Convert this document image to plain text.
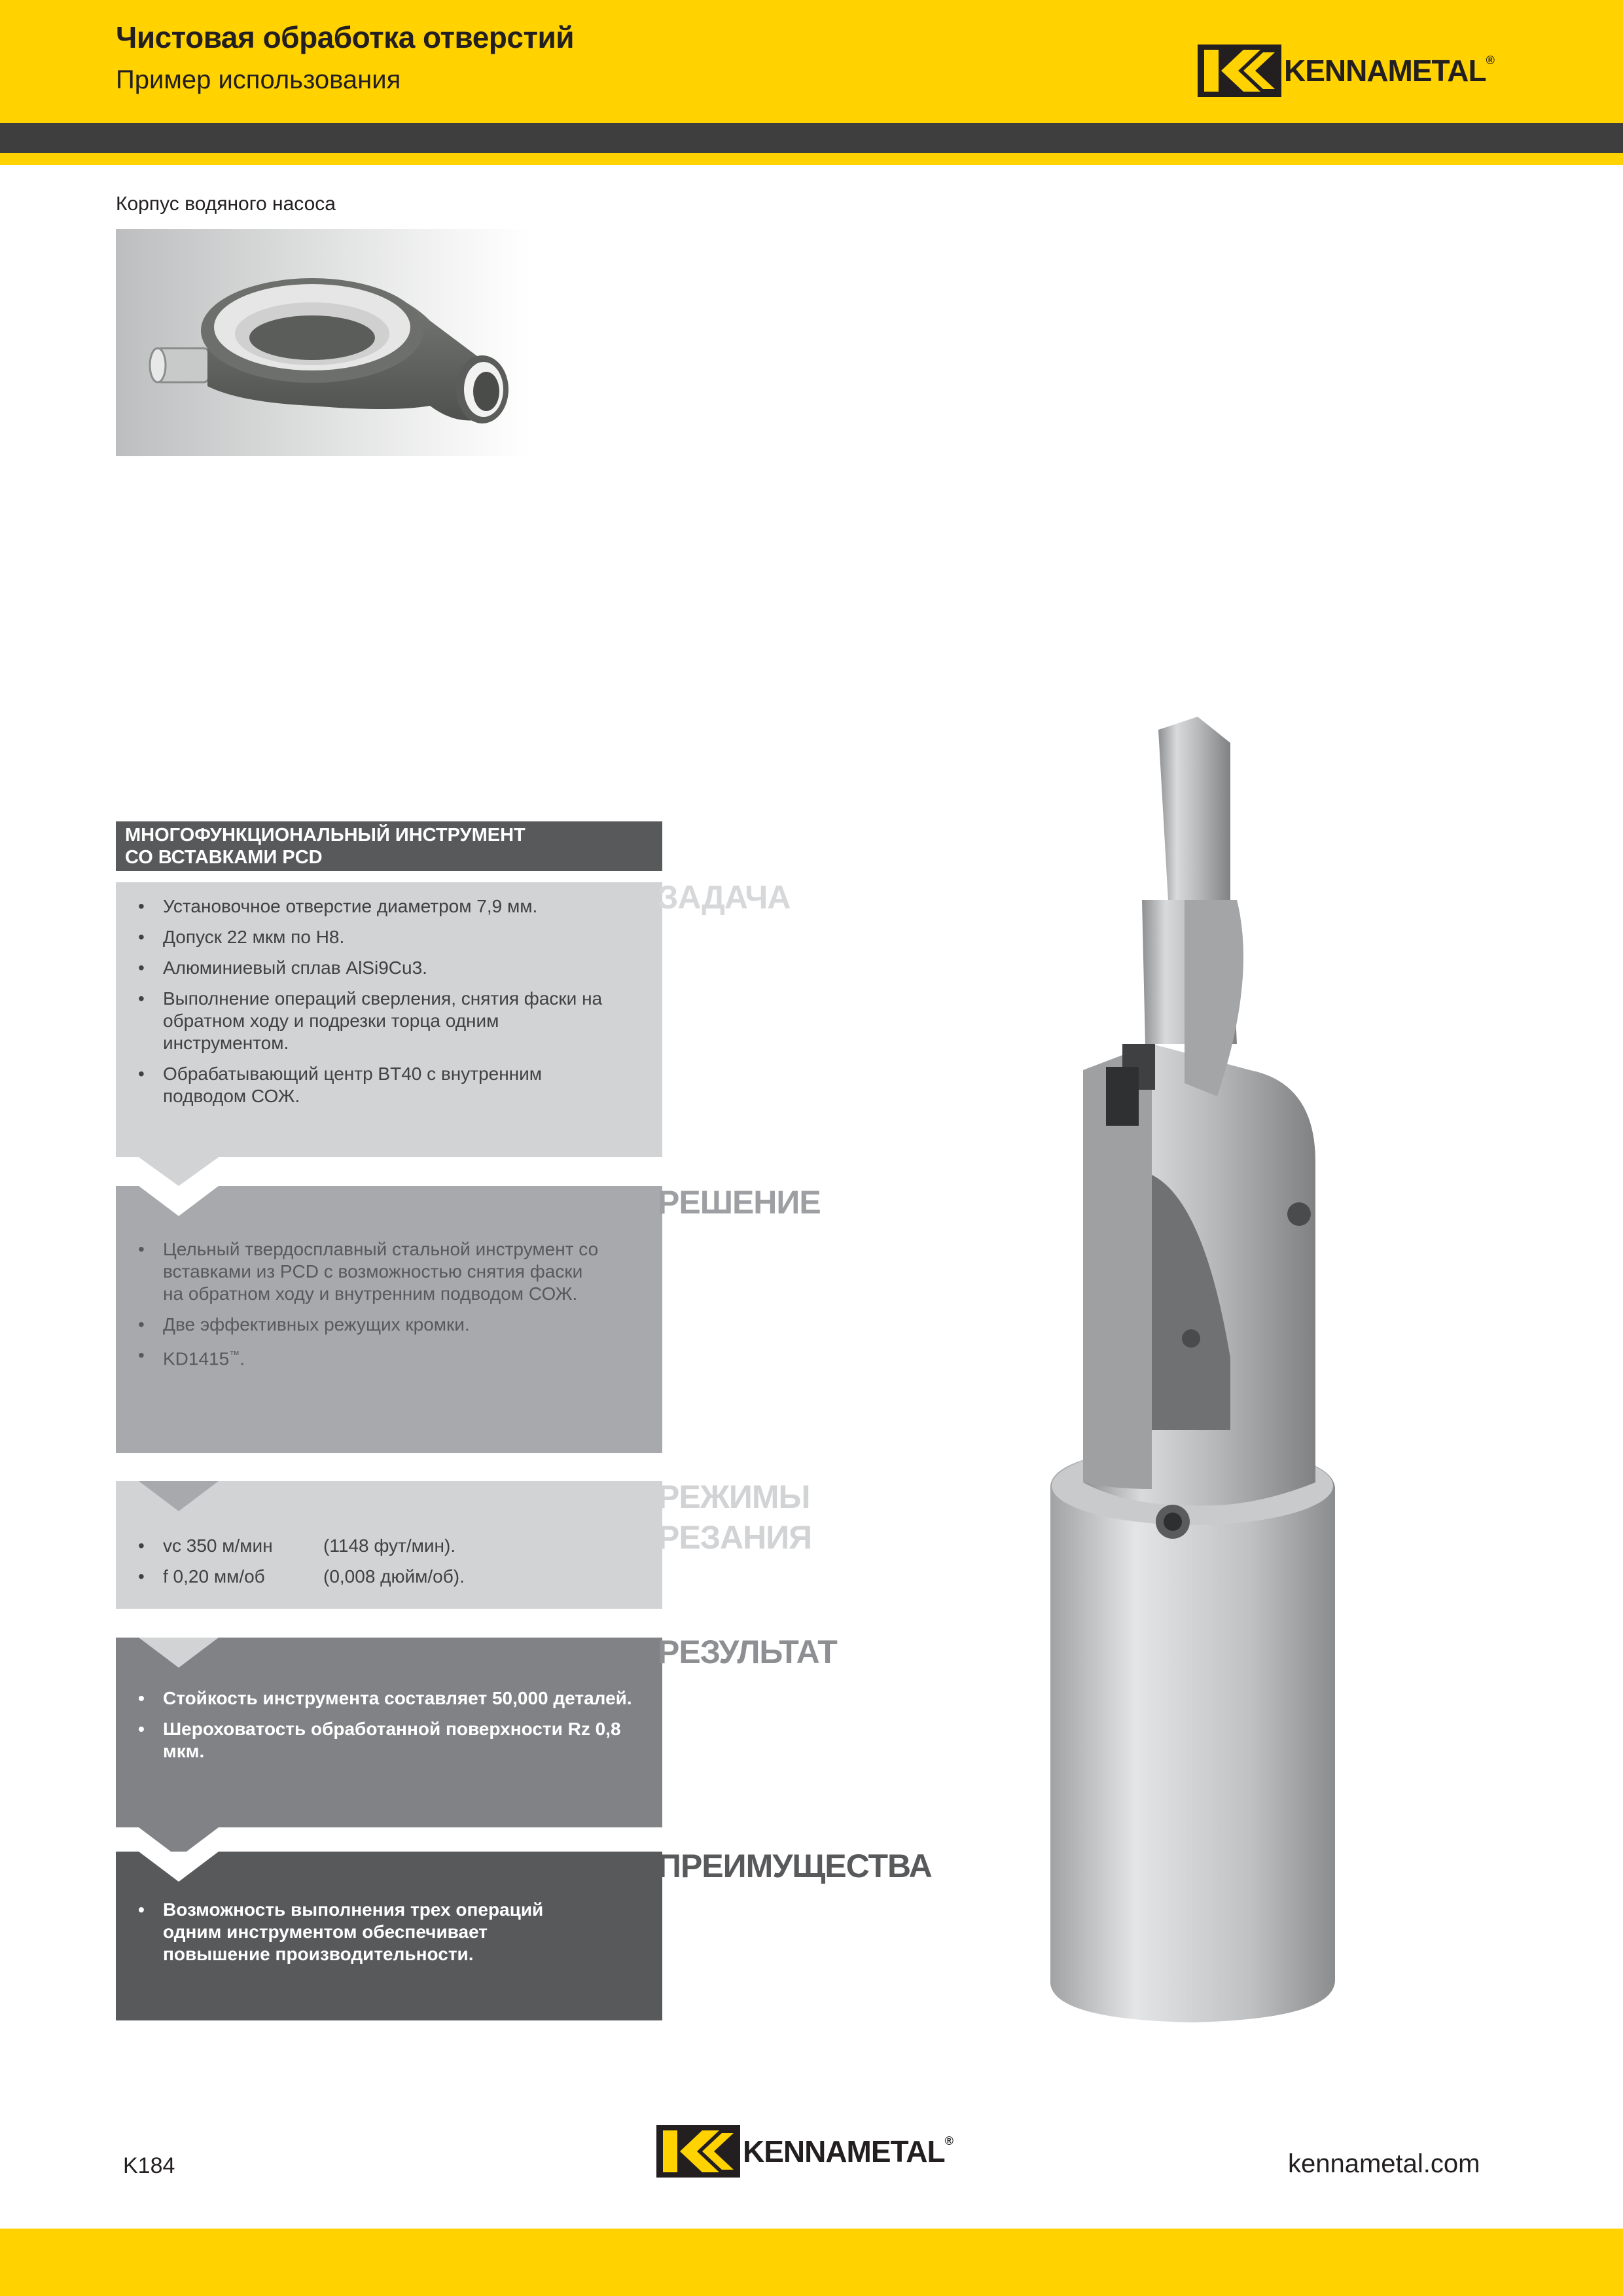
Чистовая обработка отверстий
Пример использования	KENNAMETAL ®
Корпус водяного насоса
МНОГОФУНКЦИОНАЛЬНЫЙ ИНСТРУМЕНТ
СО ВСТАВКАМИ PCD
• Установочное отверстие диаметром 7,9 мм.
• Допуск 22 мкм по H8.
• Алюминиевый сплав AlSi9Cu3.
• Выполнение операций сверления, снятия фаски на обратном ходу и подрезки торца одним инструментом.
• Обрабатывающий центр BT40 с внутренним подводом СОЖ.
ЗАДАЧА
• Цельный твердосплавный стальной инструмент со вставками из PCD с возможностью снятия фаски на обратном ходу и внутренним подводом СОЖ.
• Две эффективных режущих кромки.
• KD1415™.
РЕШЕНИЕ
• vc 350 м/мин	(1148 фут/мин).
• f 0,20 мм/об	(0,008 дюйм/об).
РЕЖИМЫ
РЕЗАНИЯ
• Стойкость инструмента составляет 50,000 деталей.
• Шероховатость обработанной поверхности Rz 0,8 мкм.
РЕЗУЛЬТАТ
• Возможность выполнения трех операций одним инструментом обеспечивает повышение производительности.
ПРЕИМУЩЕСТВА
K184	KENNAMETAL ®
kennametal.com
